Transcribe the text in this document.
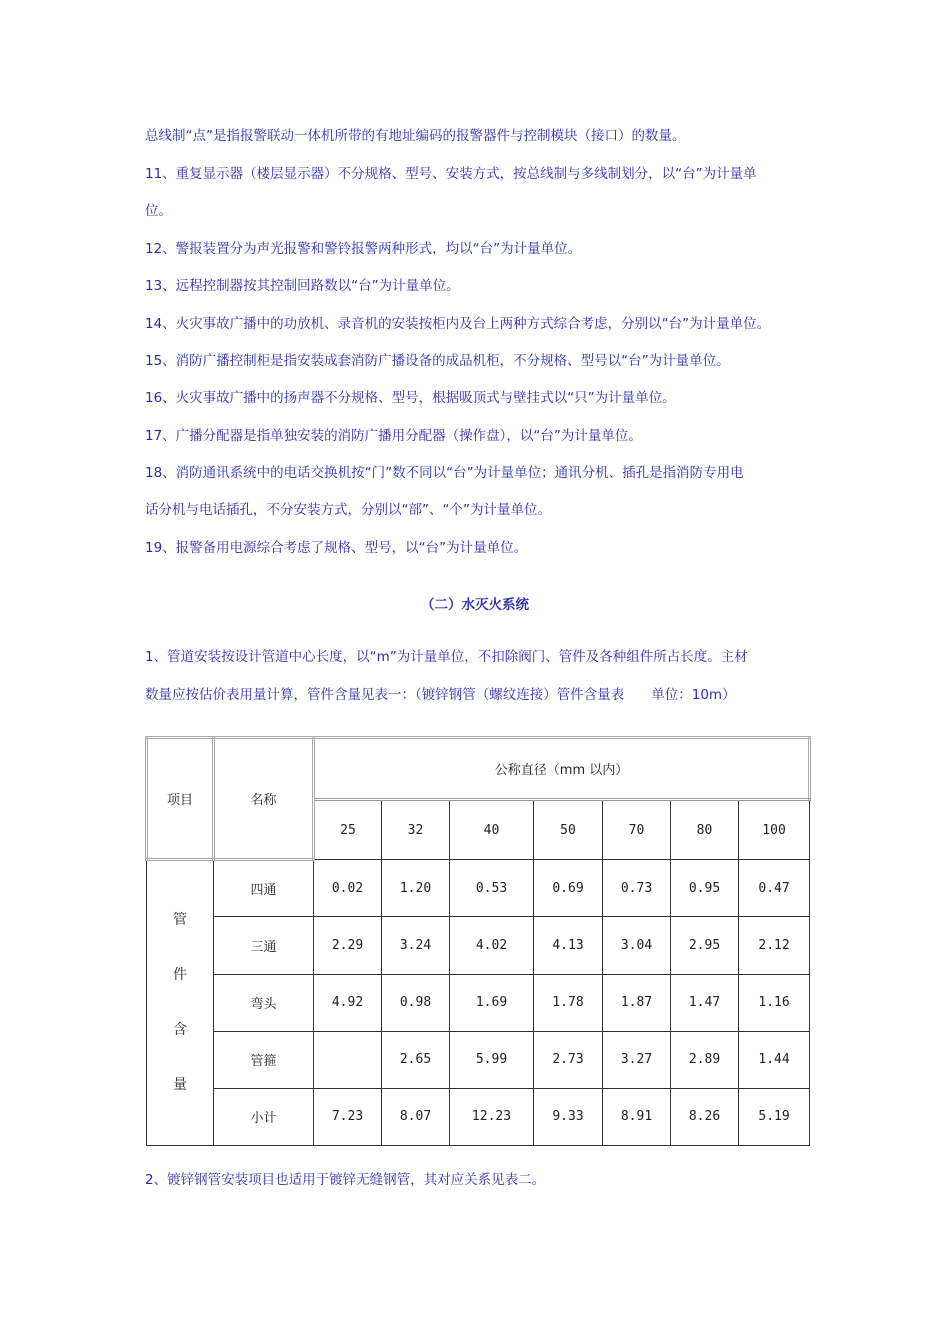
总线制“点”是指报警联动一体机所带的有地址编码的报警器件与控制模块（接口）的数量。

11、重复显示器（楼层显示器）不分规格、型号、安装方式，按总线制与多线制划分，以“台”为计量单

位。

12、警报装置分为声光报警和警铃报警两种形式，均以“台”为计量单位。

13、远程控制器按其控制回路数以“台”为计量单位。

14、火灾事故广播中的功放机、录音机的安装按柜内及台上两种方式综合考虑，分别以“台”为计量单位。

15、消防广播控制柜是指安装成套消防广播设备的成品机柜，不分规格、型号以“台”为计量单位。

16、火灾事故广播中的扬声器不分规格、型号，根据吸顶式与壁挂式以“只”为计量单位。

17、广播分配器是指单独安装的消防广播用分配器（操作盘），以“台”为计量单位。

18、消防通讯系统中的电话交换机按“门”数不同以“台”为计量单位；通讯分机、插孔是指消防专用电

话分机与电话插孔，不分安装方式，分别以“部”、“个”为计量单位。

19、报警备用电源综合考虑了规格、型号，以“台”为计量单位。

（二）水灭火系统

1、管道安装按设计管道中心长度，以“m”为计量单位，不扣除阀门、管件及各种组件所占长度。主材

数量应按估价表用量计算，管件含量见表一：（镀锌钢管（螺纹连接）管件含量表　　单位：10m）

项目	名称	公称直径（mm 以内）						
		25	32	40	50	70	80	100

管
件
含
量	四通	0.02	1.20	0.53	0.69	0.73	0.95	0.47
	三通	2.29	3.24	4.02	4.13	3.04	2.95	2.12
	弯头	4.92	0.98	1.69	1.78	1.87	1.47	1.16
	管箍		2.65	5.99	2.73	3.27	2.89	1.44
	小计	7.23	8.07	12.23	9.33	8.91	8.26	5.19

2、镀锌钢管安装项目也适用于镀锌无缝钢管，其对应关系见表二。
